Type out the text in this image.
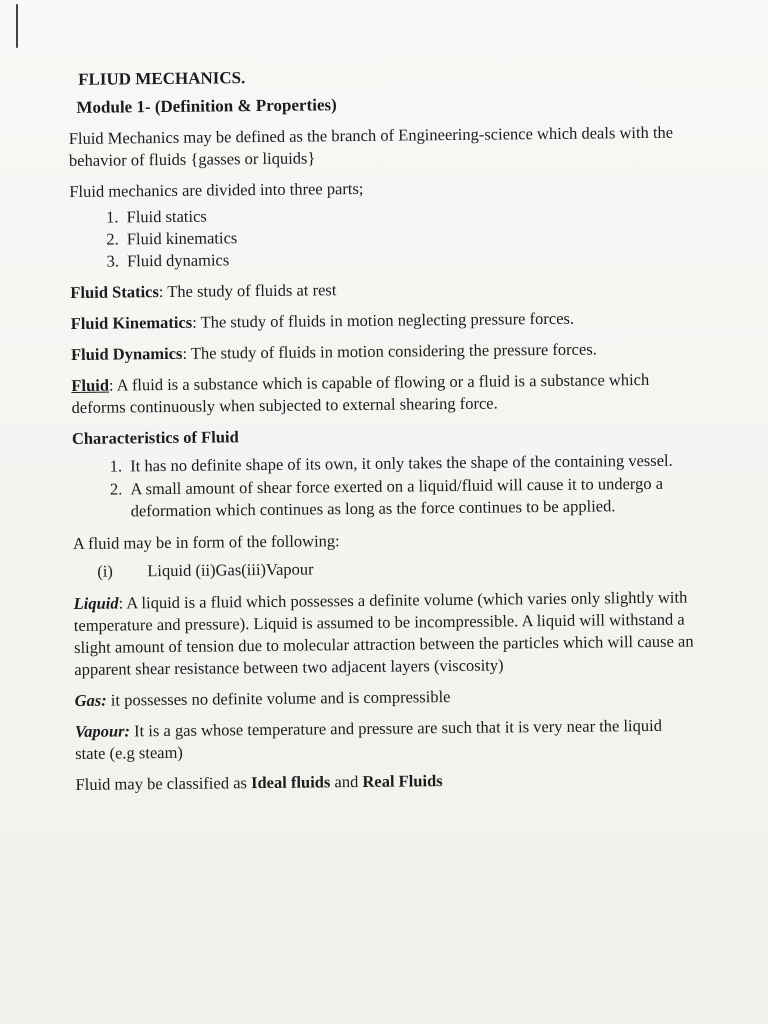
FLIUD MECHANICS.
Module 1- (Definition & Properties)

Fluid Mechanics may be defined as the branch of Engineering-science which deals with the behavior of fluids {gasses or liquids}

Fluid mechanics are divided into three parts;

1. Fluid statics
2. Fluid kinematics
3. Fluid dynamics

Fluid Statics: The study of fluids at rest

Fluid Kinematics: The study of fluids in motion neglecting pressure forces.

Fluid Dynamics: The study of fluids in motion considering the pressure forces.

Fluid: A fluid is a substance which is capable of flowing or a fluid is a substance which deforms continuously when subjected to external shearing force.

Characteristics of Fluid
1. It has no definite shape of its own, it only takes the shape of the containing vessel.
2. A small amount of shear force exerted on a liquid/fluid will cause it to undergo a deformation which continues as long as the force continues to be applied.

A fluid may be in form of the following:

(i) Liquid (ii)Gas(iii)Vapour

Liquid: A liquid is a fluid which possesses a definite volume (which varies only slightly with temperature and pressure). Liquid is assumed to be incompressible. A liquid will withstand a slight amount of tension due to molecular attraction between the particles which will cause an apparent shear resistance between two adjacent layers (viscosity)

Gas: it possesses no definite volume and is compressible

Vapour: It is a gas whose temperature and pressure are such that it is very near the liquid state (e.g steam)

Fluid may be classified as Ideal fluids and Real Fluids
